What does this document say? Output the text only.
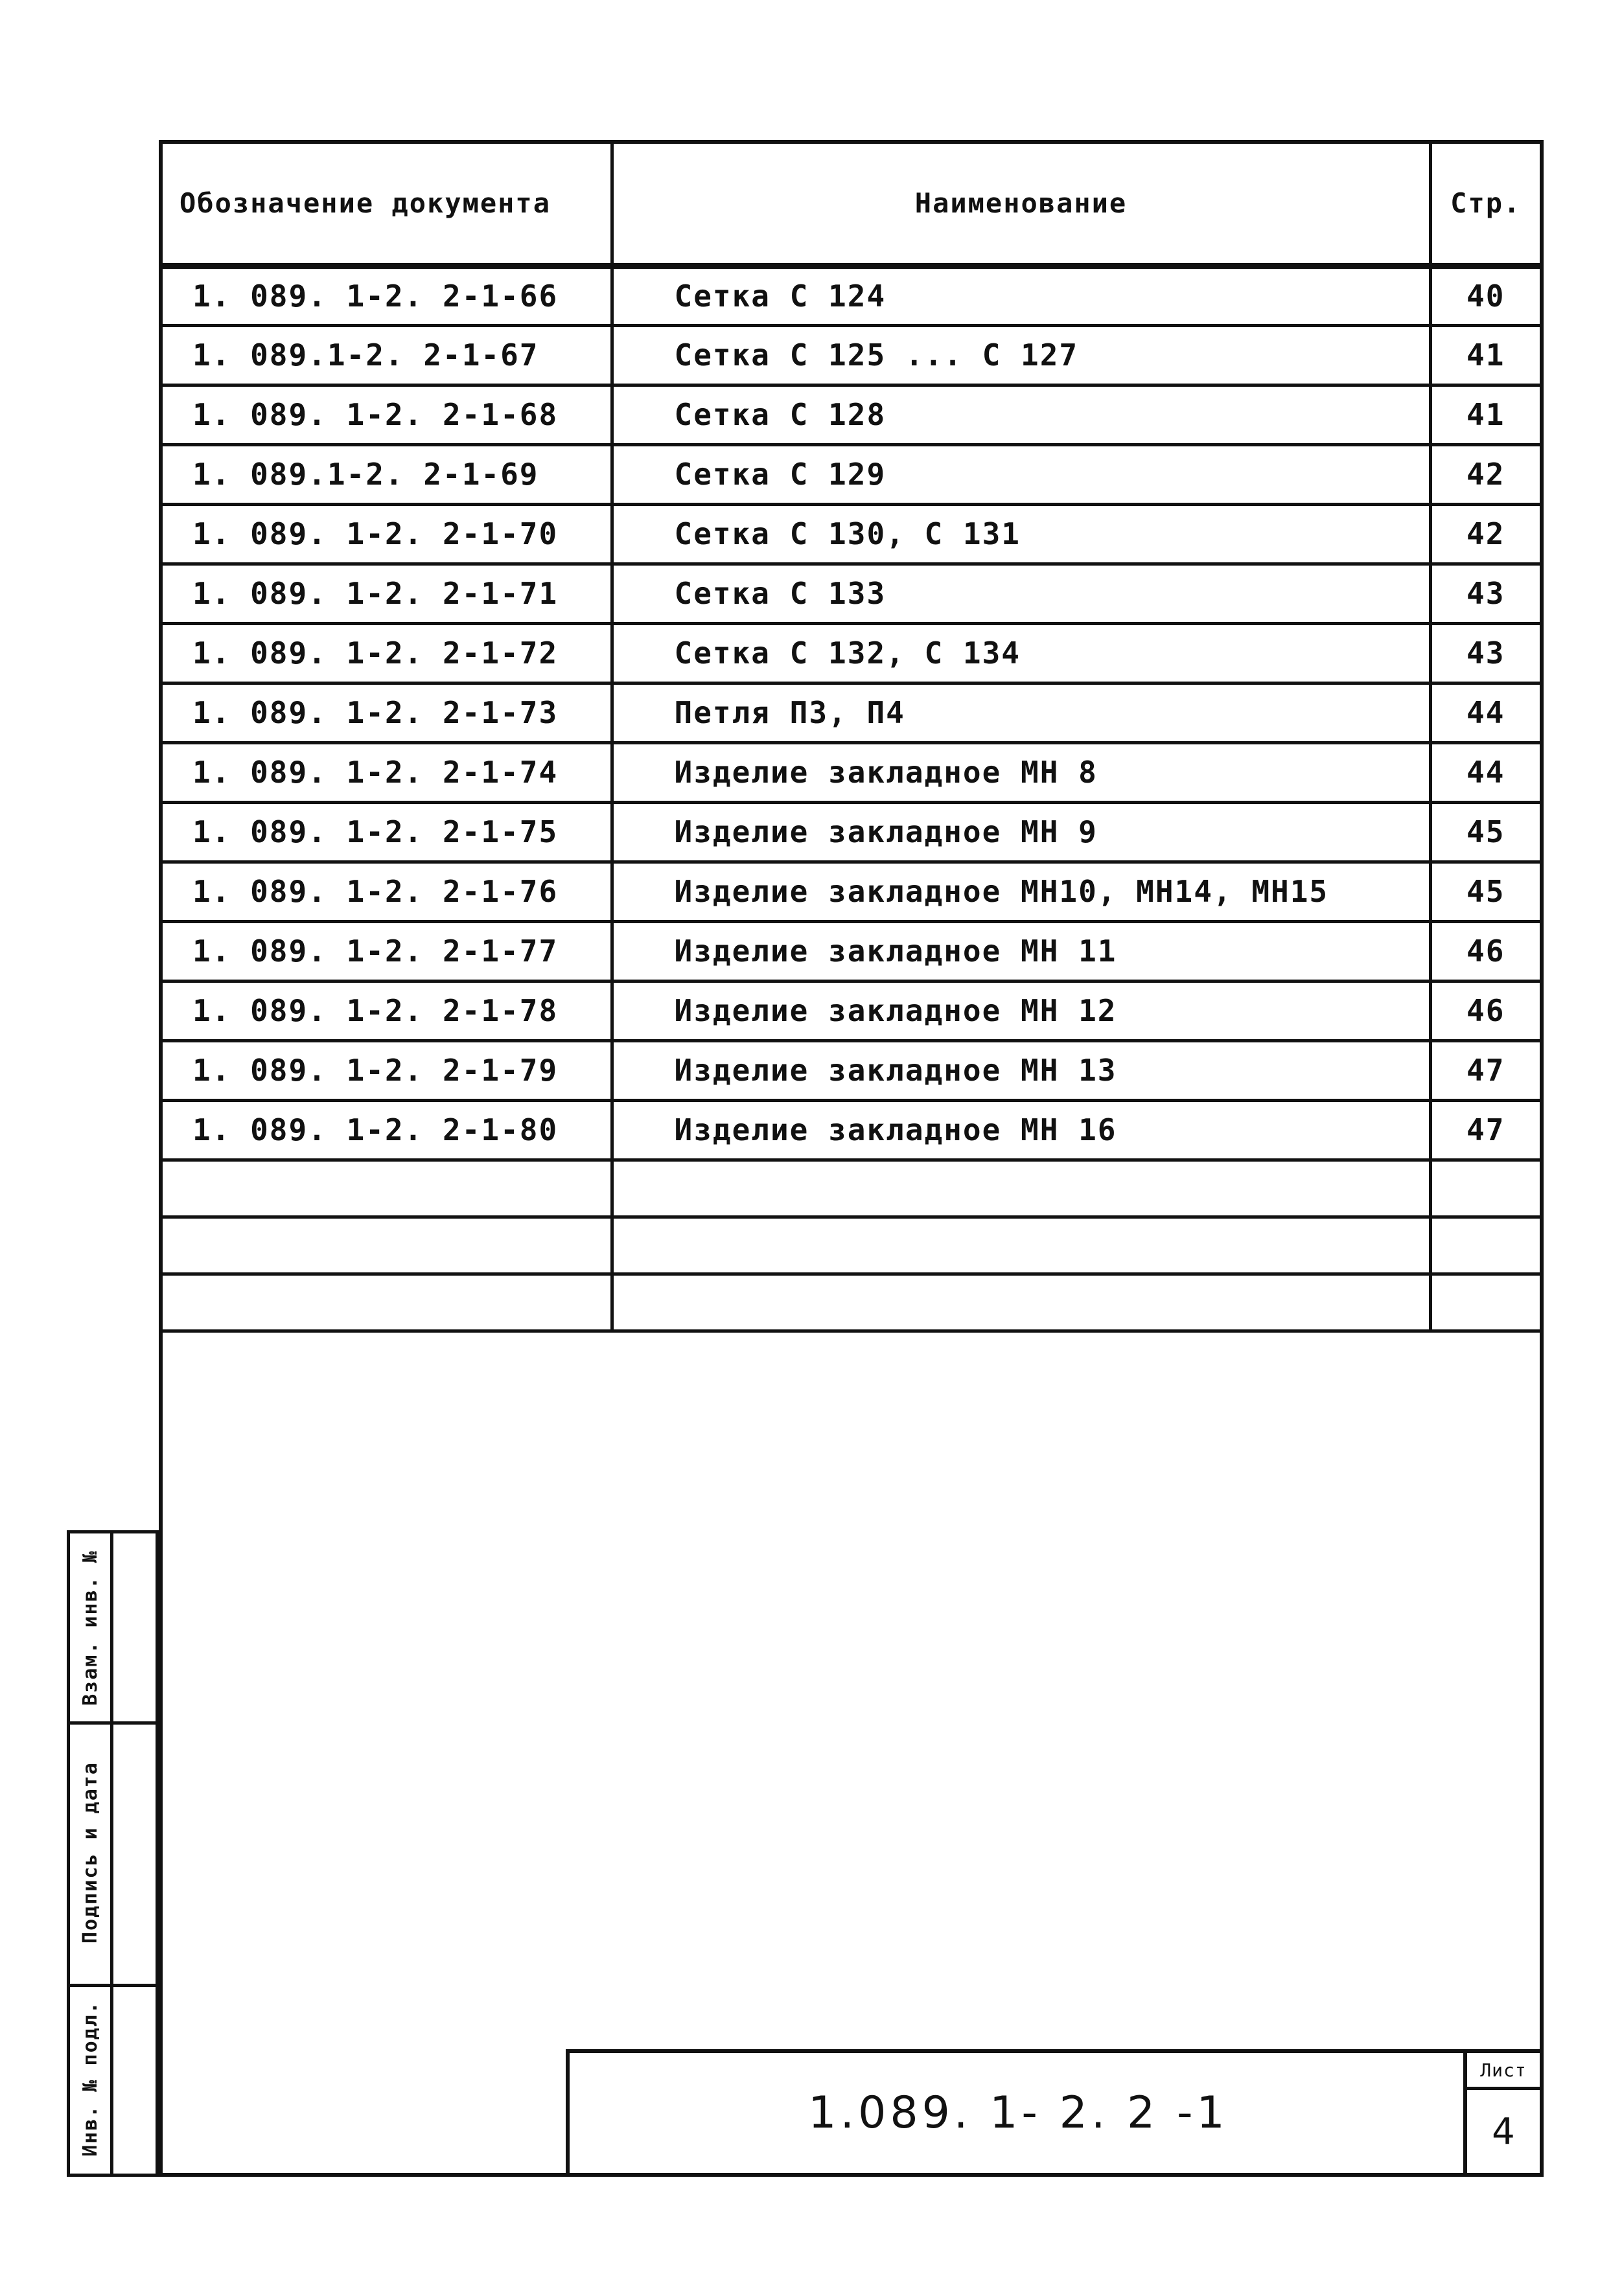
Обозначение документа	Наименование	Стр.
1. 089. 1-2. 2-1-66	Сетка С 124	40
1. 089.1-2. 2-1-67	Сетка С 125 ... С 127	41
1. 089. 1-2. 2-1-68	Сетка С 128	41
1. 089.1-2. 2-1-69	Сетка С 129	42
1. 089. 1-2. 2-1-70	Сетка С 130, С 131	42
1. 089. 1-2. 2-1-71	Сетка С 133	43
1. 089. 1-2. 2-1-72	Сетка С 132, С 134	43
1. 089. 1-2. 2-1-73	Петля П3, П4	44
1. 089. 1-2. 2-1-74	Изделие закладное МН 8	44
1. 089. 1-2. 2-1-75	Изделие закладное МН 9	45
1. 089. 1-2. 2-1-76	Изделие закладное МН10, МН14, МН15	45
1. 089. 1-2. 2-1-77	Изделие закладное МН 11	46
1. 089. 1-2. 2-1-78	Изделие закладное МН 12	46
1. 089. 1-2. 2-1-79	Изделие закладное МН 13	47
1. 089. 1-2. 2-1-80	Изделие закладное МН 16	47

Взам. инв. №
Подпись и дата
Инв. № подл.	1.089. 1- 2. 2 -1
Лист
4
